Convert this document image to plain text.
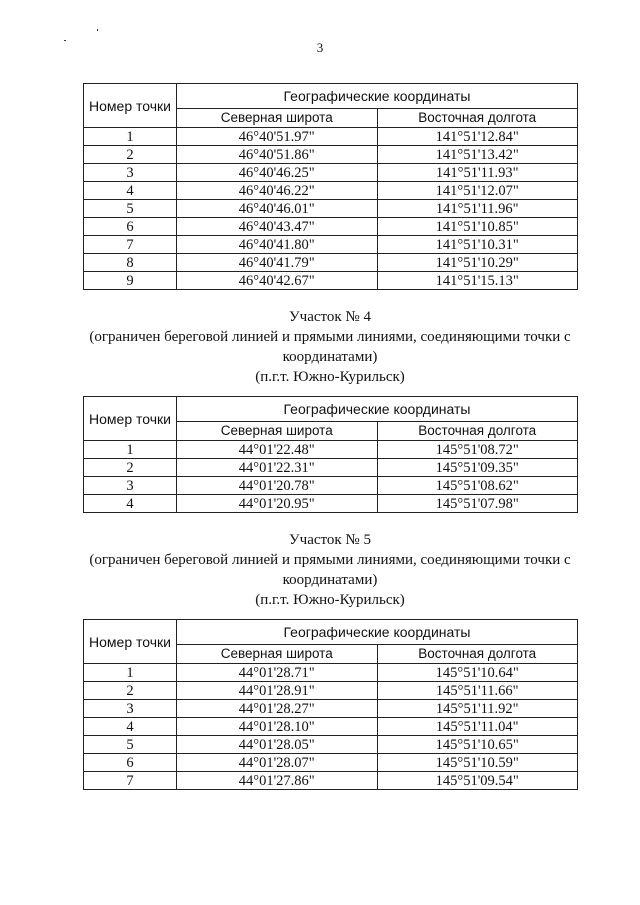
3
Номер точки	Географические координаты	
	Северная широта	Восточная долгота
1	46°40'51.97"	141°51'12.84"
2	46°40'51.86"	141°51'13.42"
3	46°40'46.25"	141°51'11.93"
4	46°40'46.22"	141°51'12.07"
5	46°40'46.01"	141°51'11.96"
6	46°40'43.47"	141°51'10.85"
7	46°40'41.80"	141°51'10.31"
8	46°40'41.79"	141°51'10.29"
9	46°40'42.67"	141°51'15.13"
Участок № 4
(ограничен береговой линией и прямыми линиями, соединяющими точки с
координатами)
(п.г.т. Южно-Курильск)
Номер точки	Географические координаты	
	Северная широта	Восточная долгота
1	44°01'22.48"	145°51'08.72"
2	44°01'22.31"	145°51'09.35"
3	44°01'20.78"	145°51'08.62"
4	44°01'20.95"	145°51'07.98"
Участок № 5
(ограничен береговой линией и прямыми линиями, соединяющими точки с
координатами)
(п.г.т. Южно-Курильск)
Номер точки	Географические координаты	
	Северная широта	Восточная долгота
1	44°01'28.71"	145°51'10.64"
2	44°01'28.91"	145°51'11.66"
3	44°01'28.27"	145°51'11.92"
4	44°01'28.10"	145°51'11.04"
5	44°01'28.05"	145°51'10.65"
6	44°01'28.07"	145°51'10.59"
7	44°01'27.86"	145°51'09.54"
